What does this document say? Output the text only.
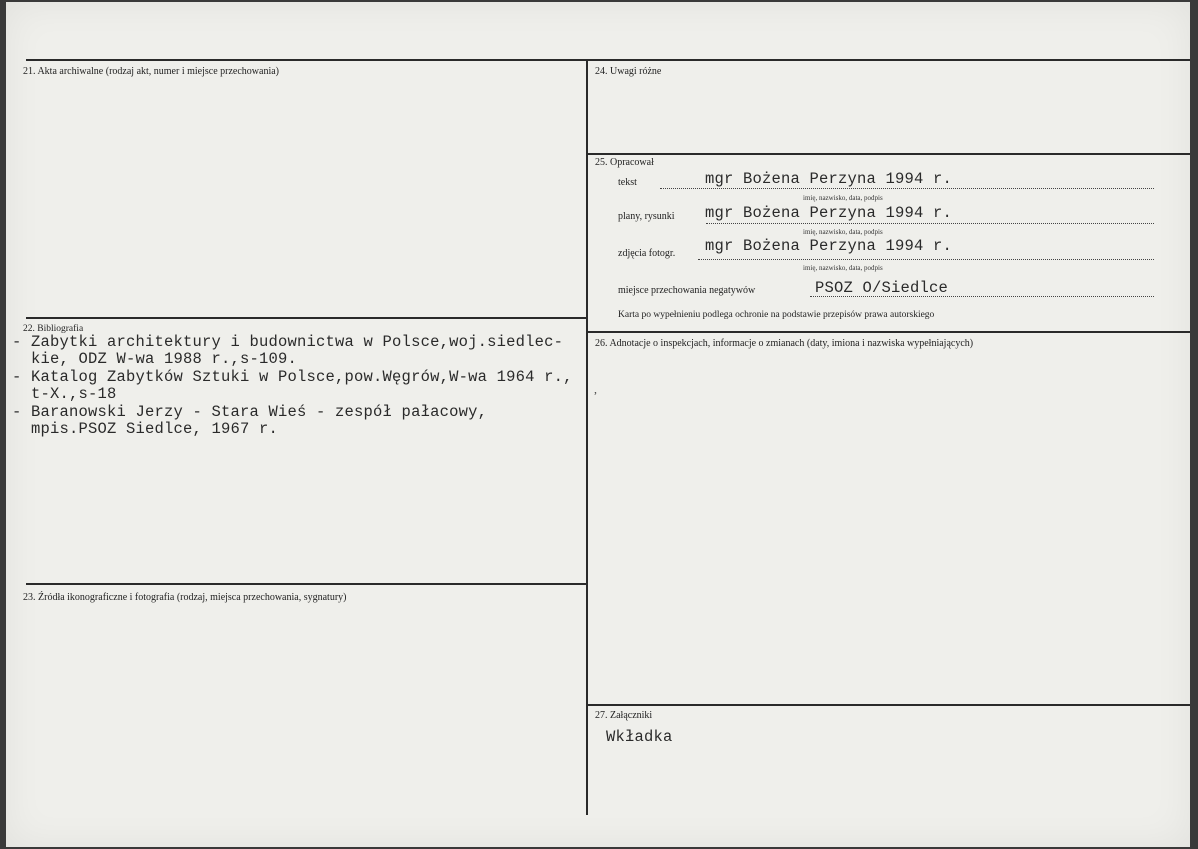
21. Akta archiwalne (rodzaj akt, numer i miejsce przechowania)
22. Bibliografia
- Zabytki architektury i budownictwa w Polsce,woj.siedlec-
kie, ODZ W-wa 1988 r.,s-109.
- Katalog Zabytków Sztuki w Polsce,pow.Węgrów,W-wa 1964 r.,
t-X.,s-18
- Baranowski Jerzy - Stara Wieś - zespół pałacowy,
mpis.PSOZ Siedlce, 1967 r.
23. Źródła ikonograficzne i fotografia (rodzaj, miejsca przechowania, sygnatury)
24. Uwagi różne
25. Opracował
tekst	mgr Bożena Perzyna 1994 r.
imię, nazwisko, data, podpis
plany, rysunki mgr Bożena Perzyna 1994 r.
imię, nazwisko, data, podpis
zdjęcia fotogr. mgr Bożena Perzyna 1994 r.
imię, nazwisko, data, podpis
miejsce przechowania negatywów	PSOZ O/Siedlce
Karta po wypełnieniu podlega ochronie na podstawie przepisów prawa autorskiego
26. Adnotacje o inspekcjach, informacje o zmianach (daty, imiona i nazwiska wypełniających)
27. Załączniki
Wkładka
,
